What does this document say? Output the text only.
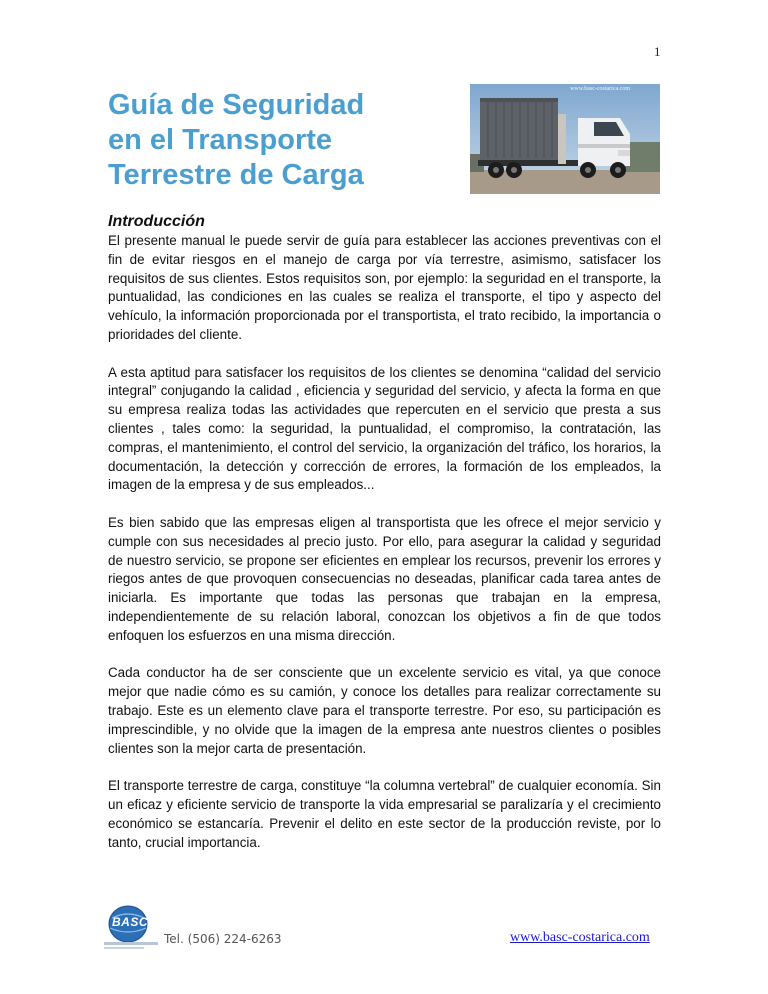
1
Guía de Seguridad
en el Transporte
Terrestre de Carga
www.basc-costarica.com
Introducción

El presente manual le puede servir de guía para establecer las acciones preventivas con el fin de evitar riesgos en el manejo de carga por vía terrestre, asimismo, satisfacer los requisitos de sus clientes. Estos requisitos son, por ejemplo: la seguridad en el transporte, la puntualidad, las condiciones en las cuales se realiza el transporte, el tipo y aspecto del vehículo, la información proporcionada por el transportista, el trato recibido, la importancia o prioridades del cliente.

A esta aptitud para satisfacer los requisitos de los clientes se denomina “calidad del servicio integral” conjugando la calidad , eficiencia y seguridad del servicio, y afecta la forma en que su empresa realiza todas las actividades que repercuten en el servicio que presta a sus clientes , tales como: la seguridad, la puntualidad, el compromiso, la contratación, las compras, el mantenimiento, el control del servicio, la organización del tráfico, los horarios, la documentación, la detección y corrección de errores, la formación de los empleados, la imagen de la empresa y de sus empleados...

Es bien sabido que las empresas eligen al transportista que les ofrece el mejor servicio y cumple con sus necesidades al precio justo. Por ello, para asegurar la calidad y seguridad de nuestro servicio, se propone ser eficientes en emplear los recursos, prevenir los errores y riegos antes de que provoquen consecuencias no deseadas, planificar cada tarea antes de iniciarla. Es importante que todas las personas que trabajan en la empresa, independientemente de su relación laboral, conozcan los objetivos a fin de que todos enfoquen los esfuerzos en una misma dirección.

Cada conductor ha de ser consciente que un excelente servicio es vital, ya que conoce mejor que nadie cómo es su camión, y conoce los detalles para realizar correctamente su trabajo. Este es un elemento clave para el transporte terrestre. Por eso, su participación es imprescindible, y no olvide que la imagen de la empresa ante nuestros clientes o posibles clientes son la mejor carta de presentación.

El transporte terrestre de carga, constituye “la columna vertebral” de cualquier economía. Sin un eficaz y eficiente servicio de transporte la vida empresarial se paralizaría y el crecimiento económico se estancaría. Prevenir el delito en este sector de la producción reviste, por lo tanto, crucial importancia.

BASC
Tel. (506) 224-6263	www.basc-costarica.com
